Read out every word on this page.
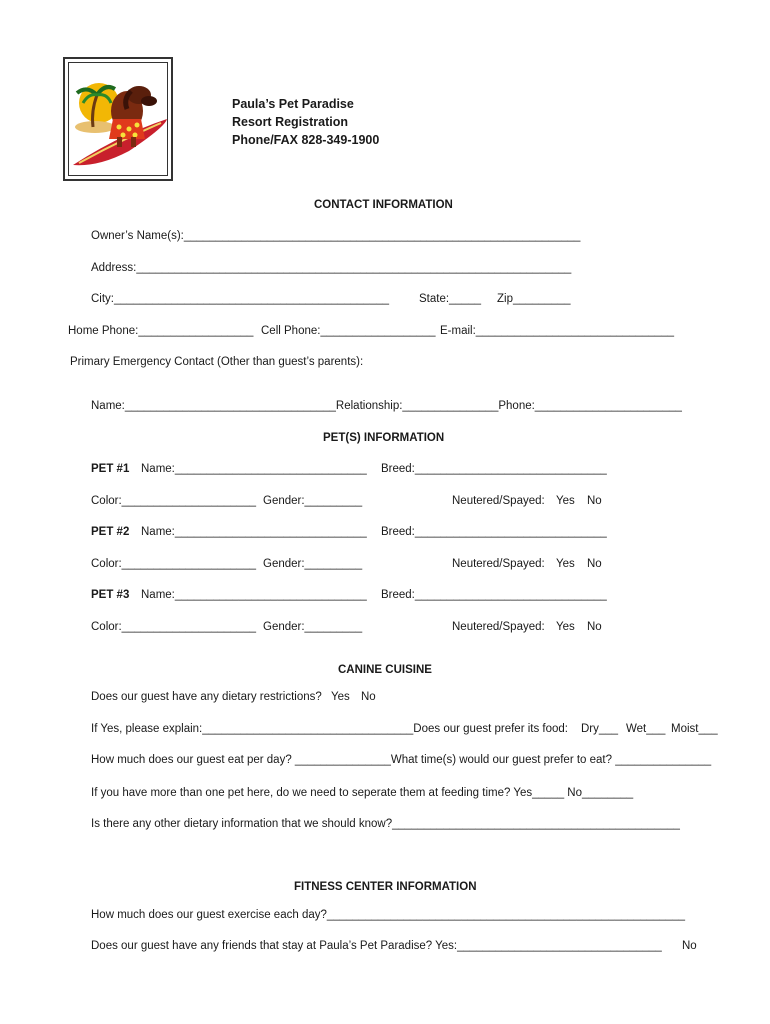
Paula’s Pet Paradise
Resort Registration
Phone/FAX 828-349-1900
CONTACT INFORMATION
Owner’s Name(s):______________________________________________________________
Address:____________________________________________________________________
City:___________________________________________	State:_____ Zip_________
Home Phone:__________________ Cell Phone:__________________ E-mail:_______________________________
Primary Emergency Contact (Other than guest’s parents):
Name:_________________________________Relationship:_______________Phone:_______________________
PET(S) INFORMATION
PET #1 Name:______________________________ Breed:______________________________
Color:_____________________ Gender:_________	Neutered/Spayed: Yes No
PET #2 Name:______________________________ Breed:______________________________
Color:_____________________ Gender:_________	Neutered/Spayed: Yes No
PET #3 Name:______________________________ Breed:______________________________
Color:_____________________ Gender:_________	Neutered/Spayed: Yes No
CANINE CUISINE
Does our guest have any dietary restrictions? Yes No
If Yes, please explain:_________________________________Does our guest prefer its food: Dry___ Wet___ Moist___
How much does our guest eat per day? _______________What time(s) would our guest prefer to eat? _______________
If you have more than one pet here, do we need to seperate them at feeding time? Yes_____ No________
Is there any other dietary information that we should know?_____________________________________________
FITNESS CENTER INFORMATION
How much does our guest exercise each day?________________________________________________________
Does our guest have any friends that stay at Paula’s Pet Paradise? Yes:________________________________ No
